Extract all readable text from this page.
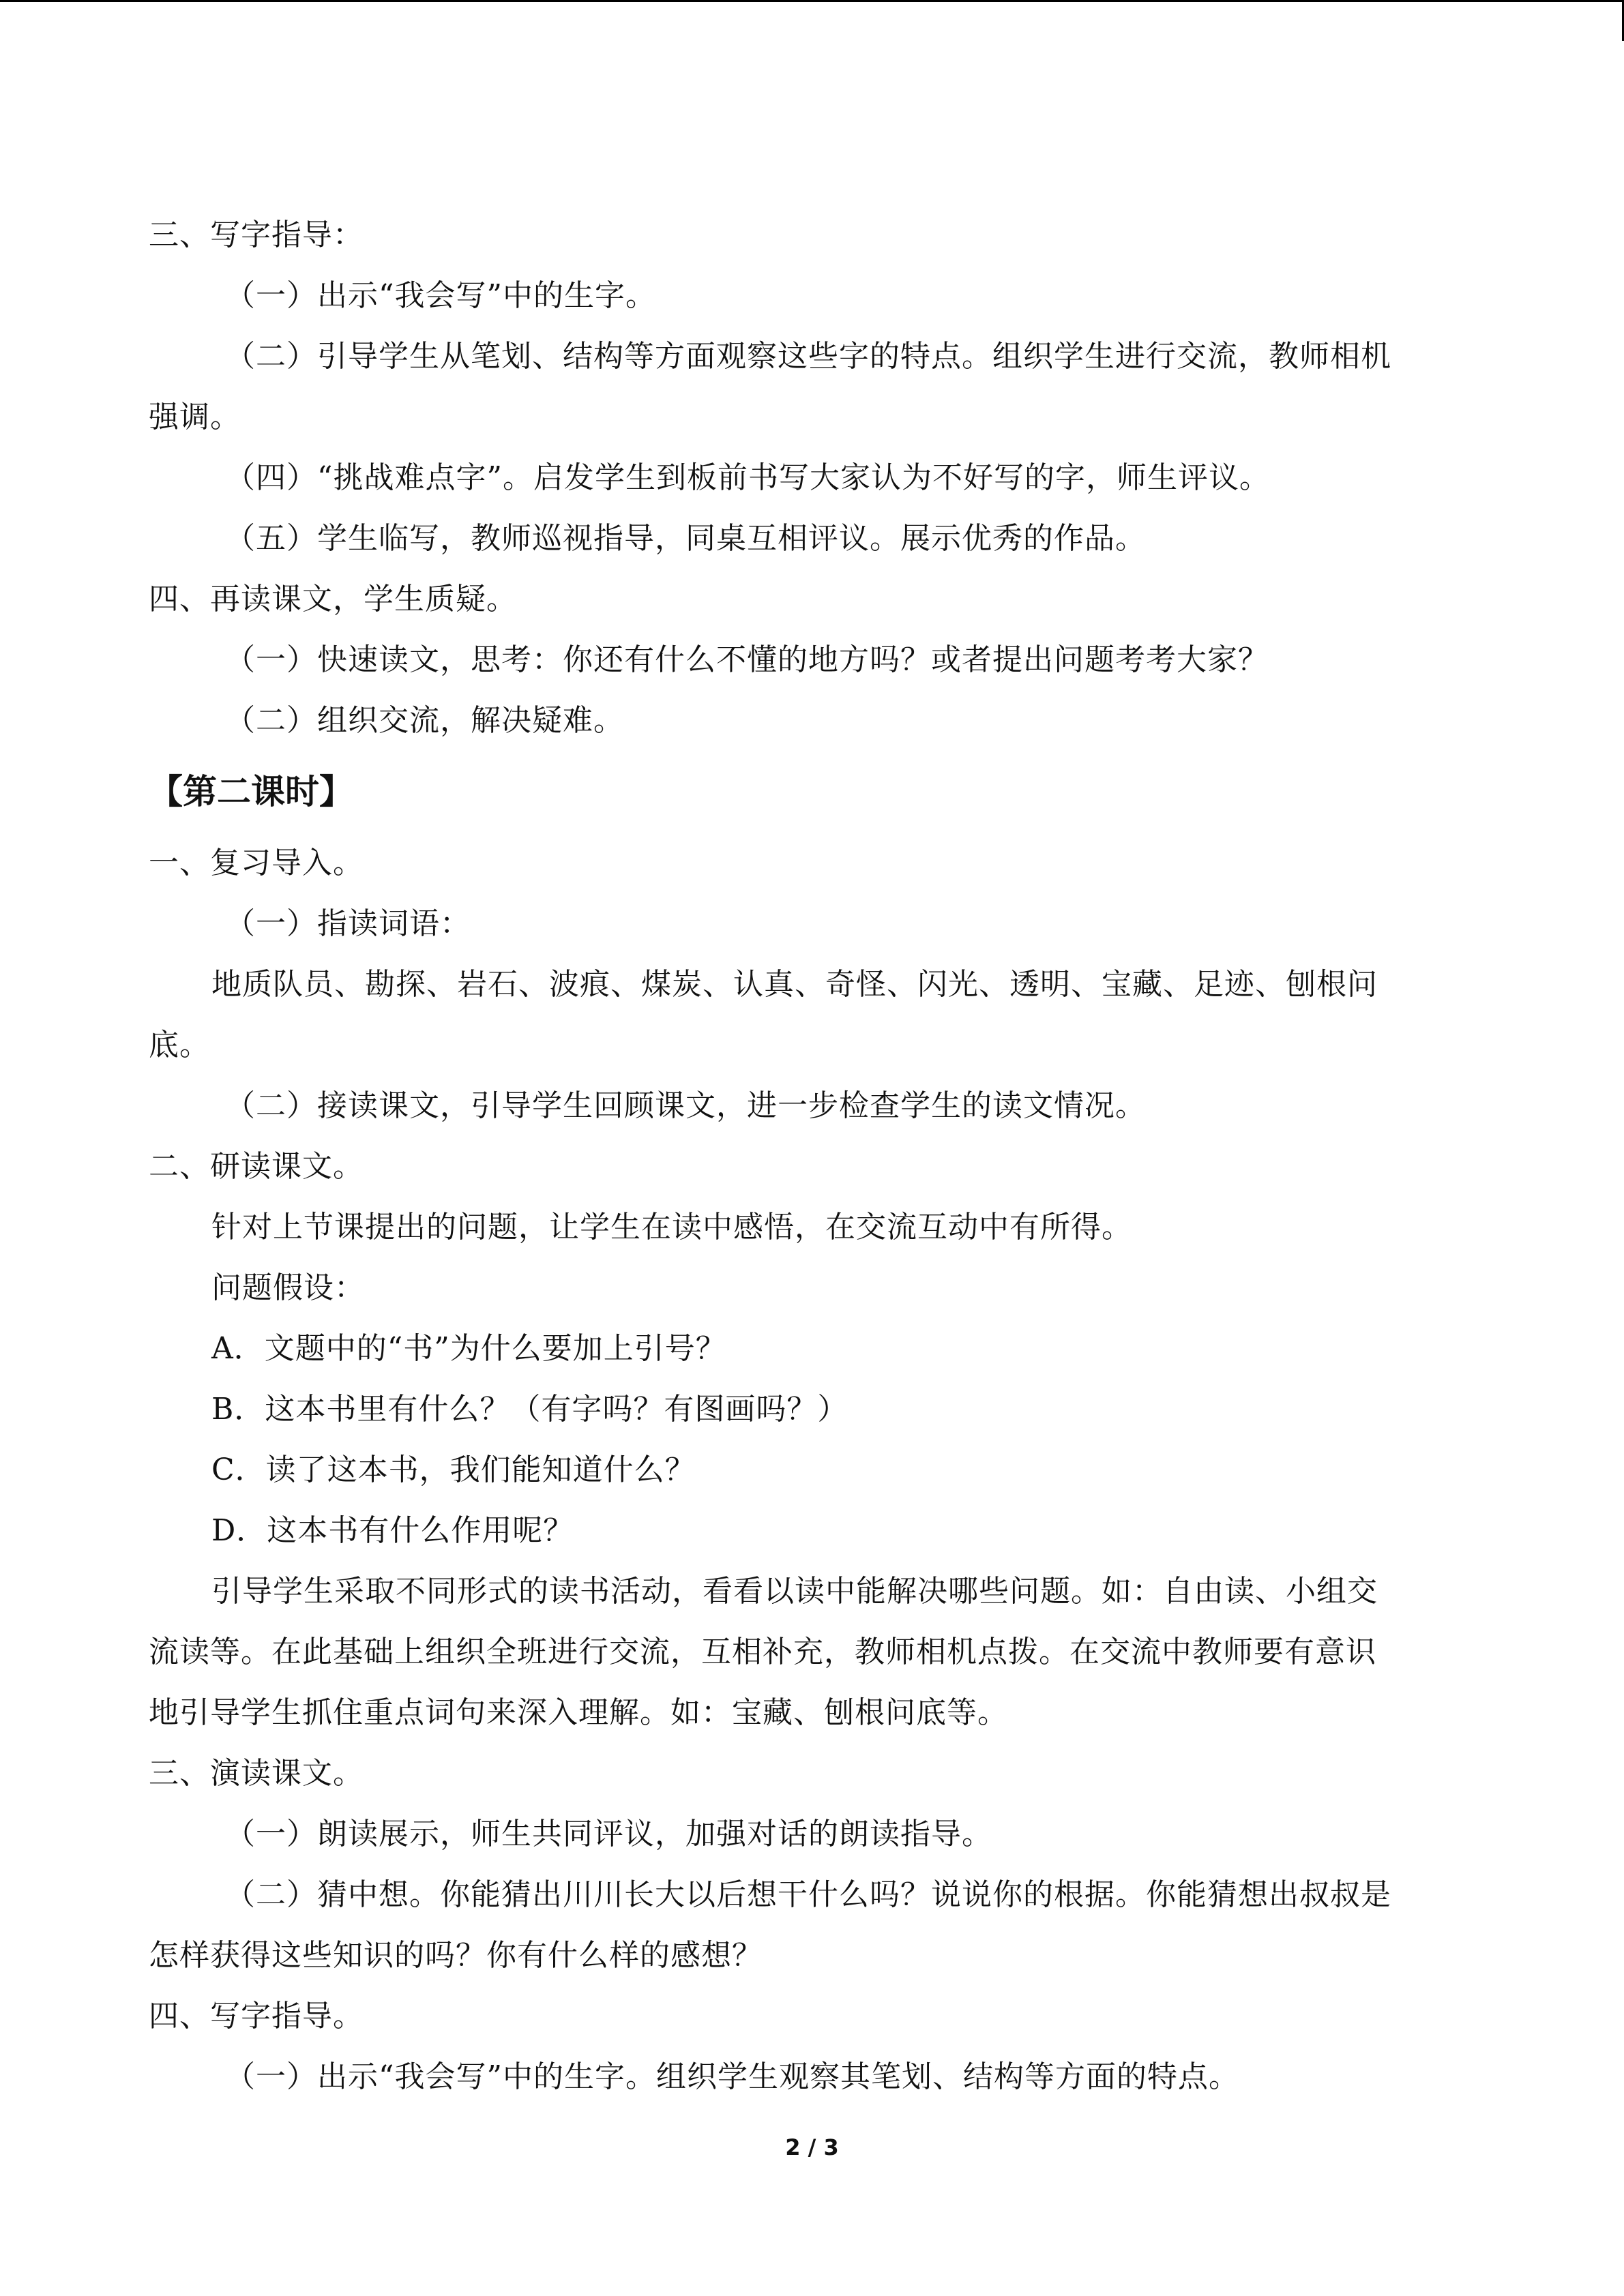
三、写字指导：
（一）出示“我会写”中的生字。
（二）引导学生从笔划、结构等方面观察这些字的特点。组织学生进行交流，教师相机
强调。
（四）“挑战难点字”。启发学生到板前书写大家认为不好写的字，师生评议。
（五）学生临写，教师巡视指导，同桌互相评议。展示优秀的作品。
四、再读课文，学生质疑。
（一）快速读文，思考：你还有什么不懂的地方吗？或者提出问题考考大家？
（二）组织交流，解决疑难。
【第二课时】
一、复习导入。
（一）指读词语：
地质队员、勘探、岩石、波痕、煤炭、认真、奇怪、闪光、透明、宝藏、足迹、刨根问
底。
（二）接读课文，引导学生回顾课文，进一步检查学生的读文情况。
二、研读课文。
针对上节课提出的问题，让学生在读中感悟，在交流互动中有所得。
问题假设：
A．文题中的“书”为什么要加上引号？
B．这本书里有什么？（有字吗？有图画吗？）
C．读了这本书，我们能知道什么？
D．这本书有什么作用呢？
引导学生采取不同形式的读书活动，看看以读中能解决哪些问题。如：自由读、小组交
流读等。在此基础上组织全班进行交流，互相补充，教师相机点拨。在交流中教师要有意识
地引导学生抓住重点词句来深入理解。如：宝藏、刨根问底等。
三、演读课文。
（一）朗读展示，师生共同评议，加强对话的朗读指导。
（二）猜中想。你能猜出川川长大以后想干什么吗？说说你的根据。你能猜想出叔叔是
怎样获得这些知识的吗？你有什么样的感想？
四、写字指导。
（一）出示“我会写”中的生字。组织学生观察其笔划、结构等方面的特点。
2 / 3
